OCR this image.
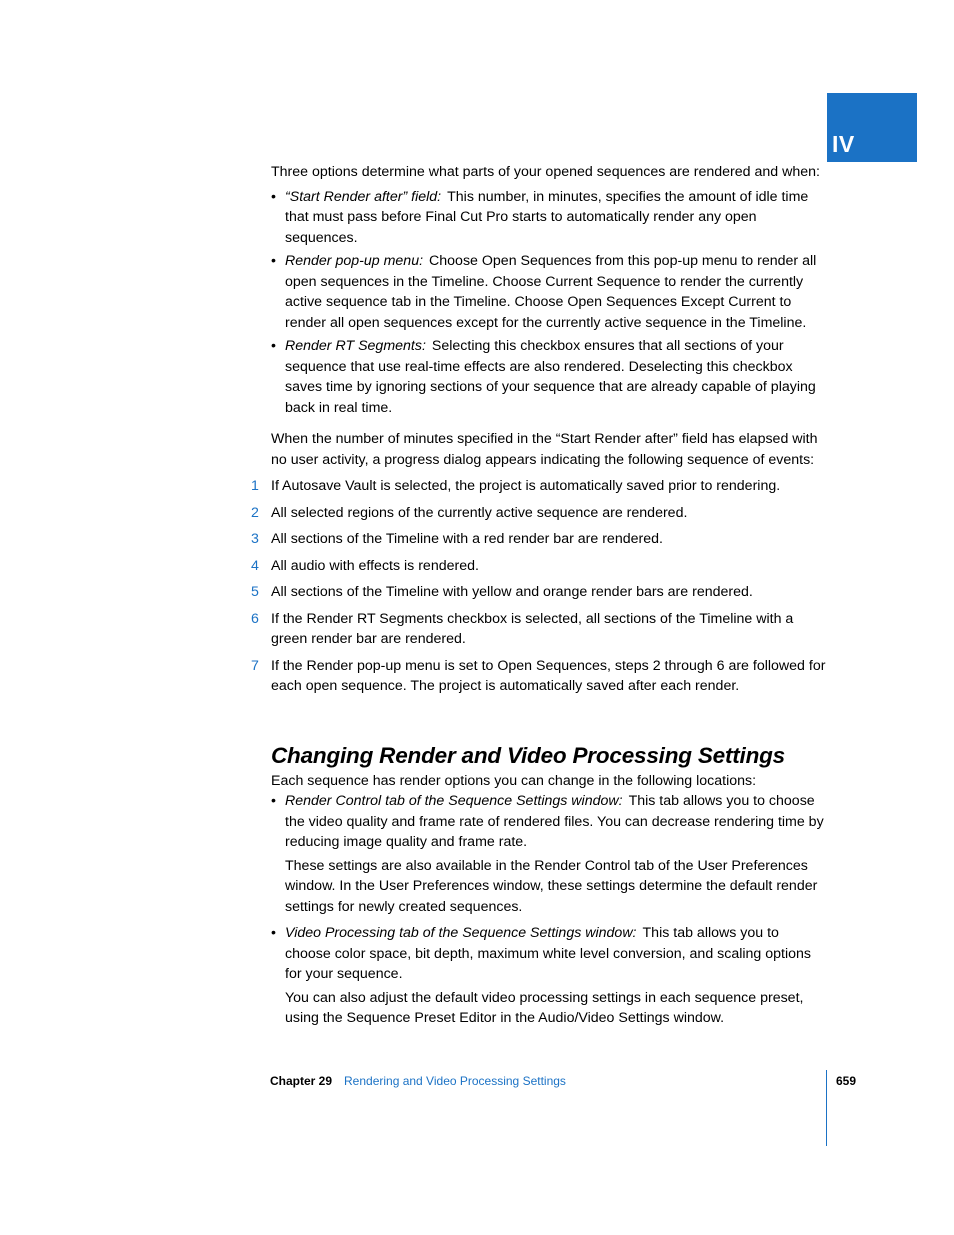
IV

Three options determine what parts of your opened sequences are rendered and when:

• “Start Render after” field: This number, in minutes, specifies the amount of idle time that must pass before Final Cut Pro starts to automatically render any open sequences.
• Render pop-up menu: Choose Open Sequences from this pop-up menu to render all open sequences in the Timeline. Choose Current Sequence to render the currently active sequence tab in the Timeline. Choose Open Sequences Except Current to render all open sequences except for the currently active sequence in the Timeline.
• Render RT Segments: Selecting this checkbox ensures that all sections of your sequence that use real-time effects are also rendered. Deselecting this checkbox saves time by ignoring sections of your sequence that are already capable of playing back in real time.

When the number of minutes specified in the “Start Render after” field has elapsed with no user activity, a progress dialog appears indicating the following sequence of events:

1 If Autosave Vault is selected, the project is automatically saved prior to rendering.
2 All selected regions of the currently active sequence are rendered.
3 All sections of the Timeline with a red render bar are rendered.
4 All audio with effects is rendered.
5 All sections of the Timeline with yellow and orange render bars are rendered.
6 If the Render RT Segments checkbox is selected, all sections of the Timeline with a green render bar are rendered.
7 If the Render pop-up menu is set to Open Sequences, steps 2 through 6 are followed for each open sequence. The project is automatically saved after each render.
Changing Render and Video Processing Settings

Each sequence has render options you can change in the following locations:

• Render Control tab of the Sequence Settings window: This tab allows you to choose the video quality and frame rate of rendered files. You can decrease rendering time by reducing image quality and frame rate.

These settings are also available in the Render Control tab of the User Preferences window. In the User Preferences window, these settings determine the default render settings for newly created sequences.

• Video Processing tab of the Sequence Settings window: This tab allows you to choose color space, bit depth, maximum white level conversion, and scaling options for your sequence.

You can also adjust the default video processing settings in each sequence preset, using the Sequence Preset Editor in the Audio/Video Settings window.

Chapter 29 Rendering and Video Processing Settings	659
